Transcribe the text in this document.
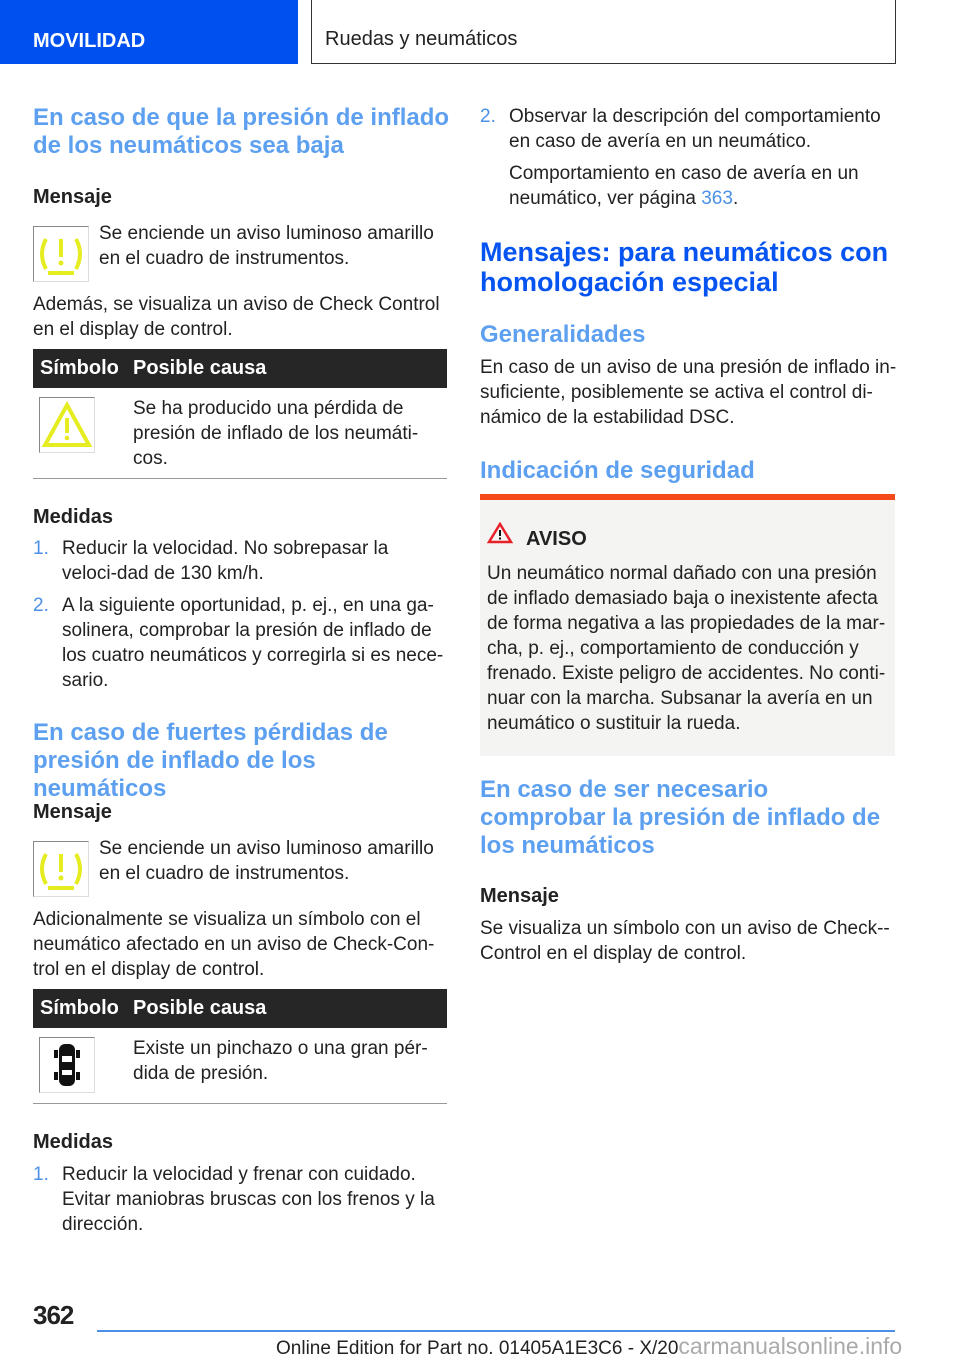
MOVILIDAD	Ruedas y neumáticos
En caso de que la presión de inflado de los neumáticos sea baja
Mensaje
Se enciende un aviso luminoso amarillo en el cuadro de instrumentos.
Además, se visualiza un aviso de Check Control en el display de control.
Símbolo Posible causa
Se ha producido una pérdida de presión de inflado de los neumáti-cos.
Medidas
1. Reducir la velocidad. No sobrepasar la veloci-dad de 130 km/h.
2. A la siguiente oportunidad, p. ej., en una ga-solinera, comprobar la presión de inflado de los cuatro neumáticos y corregirla si es nece-sario.
En caso de fuertes pérdidas de presión de inflado de los neumáticos
Mensaje
Se enciende un aviso luminoso amarillo en el cuadro de instrumentos.
Adicionalmente se visualiza un símbolo con el neumático afectado en un aviso de Check-Con-trol en el display de control.
Símbolo Posible causa
Existe un pinchazo o una gran pér-dida de presión.
Medidas
1. Reducir la velocidad y frenar con cuidado. Evitar maniobras bruscas con los frenos y la dirección.
2. Observar la descripción del comportamiento en caso de avería en un neumático.
Comportamiento en caso de avería en un neumático, ver página 363.
Mensajes: para neumáticos con homologación especial
Generalidades
En caso de un aviso de una presión de inflado in-suficiente, posiblemente se activa el control di-námico de la estabilidad DSC.
Indicación de seguridad
AVISO
Un neumático normal dañado con una presión de inflado demasiado baja o inexistente afecta de forma negativa a las propiedades de la mar-cha, p. ej., comportamiento de conducción y frenado. Existe peligro de accidentes. No conti-nuar con la marcha. Subsanar la avería en un neumático o sustituir la rueda.
En caso de ser necesario comprobar la presión de inflado de los neumáticos
Mensaje
Se visualiza un símbolo con un aviso de Check--Control en el display de control.
362
Online Edition for Part no. 01405A1E3C6 - X/20carmanualsonline.info
